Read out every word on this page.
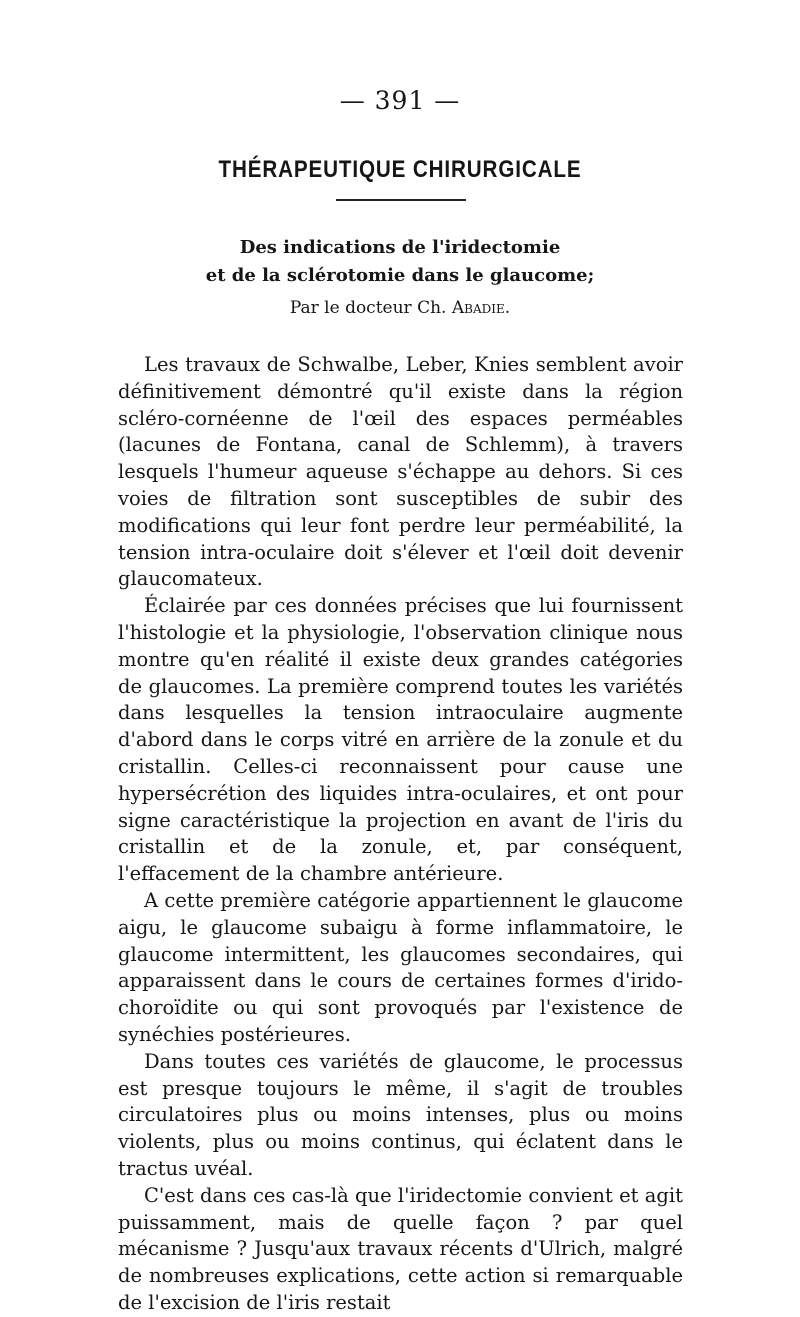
— 391 —
THÉRAPEUTIQUE CHIRURGICALE
Des indications de l'iridectomie
et de la sclérotomie dans le glaucome;
Par le docteur Ch. Abadie.

Les travaux de Schwalbe, Leber, Knies semblent avoir définitivement démontré qu'il existe dans la région scléro-cornéenne de l'œil des espaces perméables (lacunes de Fontana, canal de Schlemm), à travers lesquels l'humeur aqueuse s'échappe au dehors. Si ces voies de filtration sont susceptibles de subir des modifications qui leur font perdre leur perméabilité, la tension intra-oculaire doit s'élever et l'œil doit devenir glaucomateux.

Éclairée par ces données précises que lui fournissent l'histologie et la physiologie, l'observation clinique nous montre qu'en réalité il existe deux grandes catégories de glaucomes. La première comprend toutes les variétés dans lesquelles la tension intraoculaire augmente d'abord dans le corps vitré en arrière de la zonule et du cristallin. Celles-ci reconnaissent pour cause une hypersécrétion des liquides intra-oculaires, et ont pour signe caractéristique la projection en avant de l'iris du cristallin et de la zonule, et, par conséquent, l'effacement de la chambre antérieure.

A cette première catégorie appartiennent le glaucome aigu, le glaucome subaigu à forme inflammatoire, le glaucome intermittent, les glaucomes secondaires, qui apparaissent dans le cours de certaines formes d'irido-choroïdite ou qui sont provoqués par l'existence de synéchies postérieures.

Dans toutes ces variétés de glaucome, le processus est presque toujours le même, il s'agit de troubles circulatoires plus ou moins intenses, plus ou moins violents, plus ou moins continus, qui éclatent dans le tractus uvéal.

C'est dans ces cas-là que l'iridectomie convient et agit puissamment, mais de quelle façon ? par quel mécanisme ? Jusqu'aux travaux récents d'Ulrich, malgré de nombreuses explications, cette action si remarquable de l'excision de l'iris restait
